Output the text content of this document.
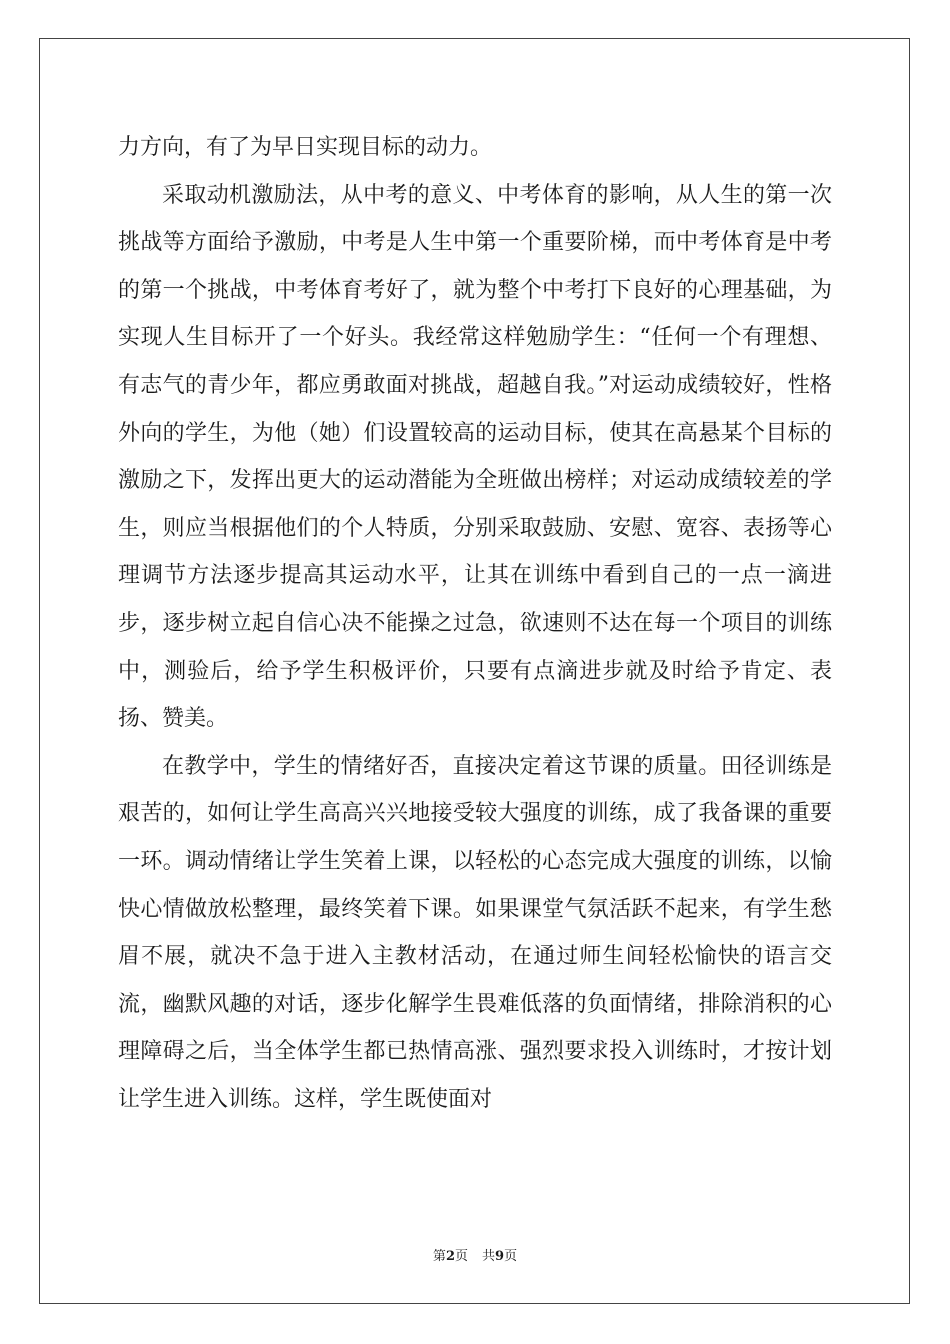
力方向，有了为早日实现目标的动力。

采取动机激励法，从中考的意义、中考体育的影响，从人生的第一次挑战等方面给予激励，中考是人生中第一个重要阶梯，而中考体育是中考的第一个挑战，中考体育考好了，就为整个中考打下良好的心理基础，为实现人生目标开了一个好头。我经常这样勉励学生：“任何一个有理想、有志气的青少年，都应勇敢面对挑战，超越自我。”对运动成绩较好，性格外向的学生，为他（她）们设置较高的运动目标，使其在高悬某个目标的激励之下，发挥出更大的运动潜能为全班做出榜样；对运动成绩较差的学生，则应当根据他们的个人特质，分别采取鼓励、安慰、宽容、表扬等心理调节方法逐步提高其运动水平，让其在训练中看到自己的一点一滴进步，逐步树立起自信心决不能操之过急，欲速则不达在每一个项目的训练中，测验后，给予学生积极评价，只要有点滴进步就及时给予肯定、表扬、赞美。

在教学中，学生的情绪好否，直接决定着这节课的质量。田径训练是艰苦的，如何让学生高高兴兴地接受较大强度的训练，成了我备课的重要一环。调动情绪让学生笑着上课，以轻松的心态完成大强度的训练，以愉快心情做放松整理，最终笑着下课。如果课堂气氛活跃不起来，有学生愁眉不展，就决不急于进入主教材活动，在通过师生间轻松愉快的语言交流，幽默风趣的对话，逐步化解学生畏难低落的负面情绪，排除消积的心理障碍之后，当全体学生都已热情高涨、强烈要求投入训练时，才按计划让学生进入训练。这样，学生既使面对

第2页 共9页
